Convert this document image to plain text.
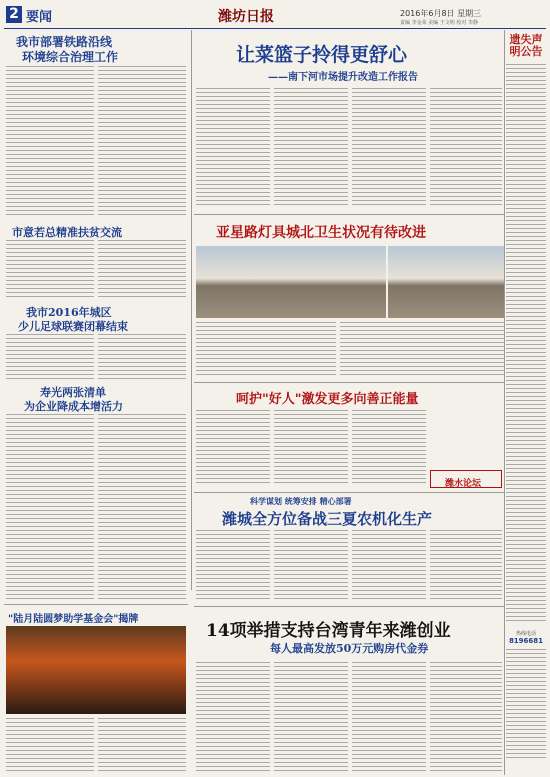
2 要闻	潍坊日报	2016年6月8日 星期三
责编 李金荣 美编 王文明 校对 李静
我市部署铁路沿线
环境综合治理工作
市意若总精准扶贫交流
我市2016年城区
少儿足球联赛闭幕结束
寿光两张清单
为企业降成本增活力
"陆月陆圆梦助学基金会"揭牌
让菜篮子拎得更舒心
——南下河市场提升改造工作报告
亚星路灯具城北卫生状况有待改进
呵护"好人"激发更多向善正能量
潍水论坛
科学谋划 统筹安排 精心部署
潍城全方位备战三夏农机化生产
14项举措支持台湾青年来潍创业
每人最高发放50万元购房代金券
遗失声明公告
热线电话
8196681
